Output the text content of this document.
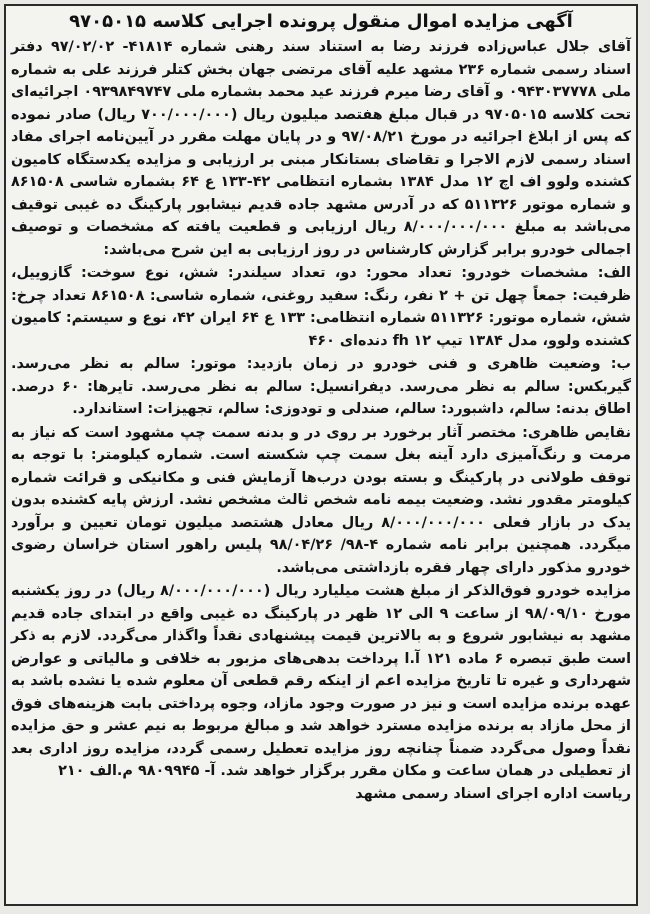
آگهی مزایده اموال منقول پرونده اجرایی کلاسه ۹۷۰۵۰۱۵

آقای جلال عباس‌زاده فرزند رضا به استناد سند رهنی شماره ۴۱۸۱۴- ۹۷/۰۲/۰۲ دفتر اسناد رسمی شماره ۲۳۶ مشهد علیه آقای مرتضی جهان بخش کتلر فرزند علی به شماره ملی ۰۹۴۳۰۳۷۷۷۸ و آقای رضا میرم فرزند عید محمد بشماره ملی ۰۹۳۹۸۴۹۷۴۷ اجرائیه‌ای تحت کلاسه ۹۷۰۵۰۱۵ در قبال مبلغ هفتصد میلیون ریال (۷۰۰/۰۰۰/۰۰۰ ریال) صادر نموده که پس از ابلاغ اجرائیه در مورخ ۹۷/۰۸/۲۱ و در پایان مهلت مقرر در آیین‌نامه اجرای مفاد اسناد رسمی لازم الاجرا و تقاضای بستانکار مبنی بر ارزیابی و مزایده یکدستگاه کامیون کشنده ولوو اف اچ ۱۲ مدل ۱۳۸۴ بشماره انتظامی ۴۲-۱۳۳ ع ۶۴ بشماره شاسی ۸۶۱۵۰۸ و شماره موتور ۵۱۱۳۲۶ که در آدرس مشهد جاده قدیم نیشابور پارکینگ ده غیبی توقیف می‌باشد به مبلغ ۸/۰۰۰/۰۰۰/۰۰۰ ریال ارزیابی و قطعیت یافته که مشخصات و توصیف اجمالی خودرو برابر گزارش کارشناس در روز ارزیابی به این شرح می‌باشد:

الف: مشخصات خودرو: تعداد محور: دو، تعداد سیلندر: شش، نوع سوخت: گازوییل، ظرفیت: جمعاً چهل تن + ۲ نفر، رنگ: سفید روغنی، شماره شاسی: ۸۶۱۵۰۸ تعداد چرخ: شش، شماره موتور: ۵۱۱۳۲۶ شماره انتظامی: ۱۳۳ ع ۶۴ ایران ۴۲، نوع و سیستم: کامیون کشنده ولوو، مدل ۱۳۸۴ تیپ fh ۱۲ دنده‌ای ۴۶۰

ب: وضعیت ظاهری و فنی خودرو در زمان بازدید: موتور: سالم به نظر می‌رسد. گیربکس: سالم به نظر می‌رسد. دیفرانسیل: سالم به نظر می‌رسد. تایرها: ۶۰ درصد. اطاق بدنه: سالم، داشبورد: سالم، صندلی و تودوزی: سالم، تجهیزات: استاندارد.

نقایص ظاهری: مختصر آثار برخورد بر روی در و بدنه سمت چپ مشهود است که نیاز به مرمت و رنگ‌آمیزی دارد آینه بغل سمت چپ شکسته است. شماره کیلومتر: با توجه به توقف طولانی در پارکینگ و بسته بودن درب‌ها آزمایش فنی و مکانیکی و قرائت شماره کیلومتر مقدور نشد. وضعیت بیمه نامه شخص ثالث مشخص نشد. ارزش پایه کشنده بدون یدک در بازار فعلی ۸/۰۰۰/۰۰۰/۰۰۰ ریال معادل هشتصد میلیون تومان تعیین و برآورد میگردد. همچنین برابر نامه شماره ۴-۹۸/ ۹۸/۰۴/۲۶ پلیس راهور استان خراسان رضوی خودرو مذکور دارای چهار فقره بازداشتی می‌باشد.

مزایده خودرو فوق‌الذکر از مبلغ هشت میلیارد ریال (۸/۰۰۰/۰۰۰/۰۰۰ ریال) در روز یکشنبه مورخ ۹۸/۰۹/۱۰ از ساعت ۹ الی ۱۲ ظهر در پارکینگ ده غیبی واقع در ابتدای جاده قدیم مشهد به نیشابور شروع و به بالاترین قیمت پیشنهادی نقداً واگذار می‌گردد. لازم به ذکر است طبق تبصره ۶ ماده ۱۲۱ آ.ا پرداخت بدهی‌های مزبور به خلافی و مالیاتی و عوارض شهرداری و غیره تا تاریخ مزایده اعم از اینکه رقم قطعی آن معلوم شده یا نشده باشد به عهده برنده مزایده است و نیز در صورت وجود مازاد، وجوه پرداختی بابت هزینه‌های فوق از محل مازاد به برنده مزایده مسترد خواهد شد و مبالغ مربوط به نیم عشر و حق مزایده نقداً وصول می‌گردد ضمناً چنانچه روز مزایده تعطیل رسمی گردد، مزایده روز اداری بعد از تعطیلی در همان ساعت و مکان مقرر برگزار خواهد شد. آ- ۹۸۰۹۹۴۵ م.الف ۲۱۰

ریاست اداره اجرای اسناد رسمی مشهد
